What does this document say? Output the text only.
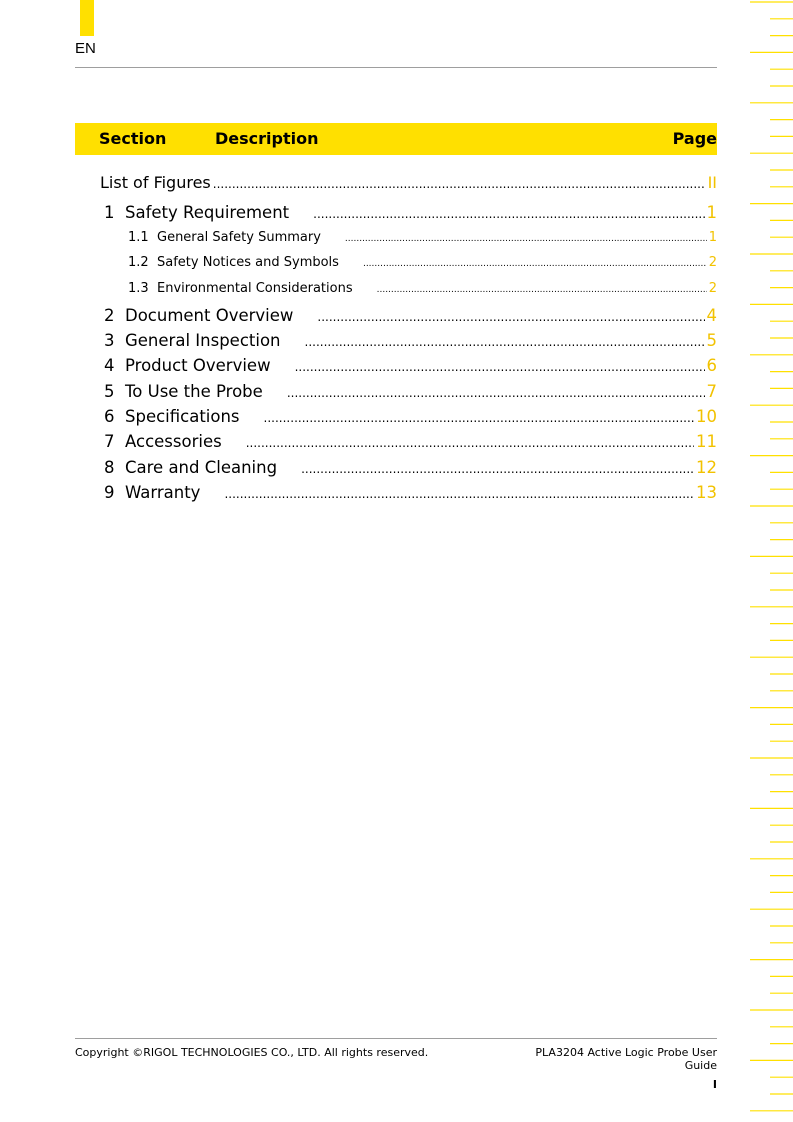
EN
Section	Description	Page
List of Figures .....	II
1 Safety Requirement .....	1
1.1 General Safety Summary .....	1
1.2 Safety Notices and Symbols .....	2
1.3 Environmental Considerations .....	2
2 Document Overview .....	4
3 General Inspection .....	5
4 Product Overview .....	6
5 To Use the Probe .....	7
6 Specifications .....	10
7 Accessories .....	11
8 Care and Cleaning .....	12
9 Warranty .....	13
Copyright ©RIGOL TECHNOLOGIES CO., LTD. All rights reserved.	PLA3204 Active Logic Probe User Guide
I
